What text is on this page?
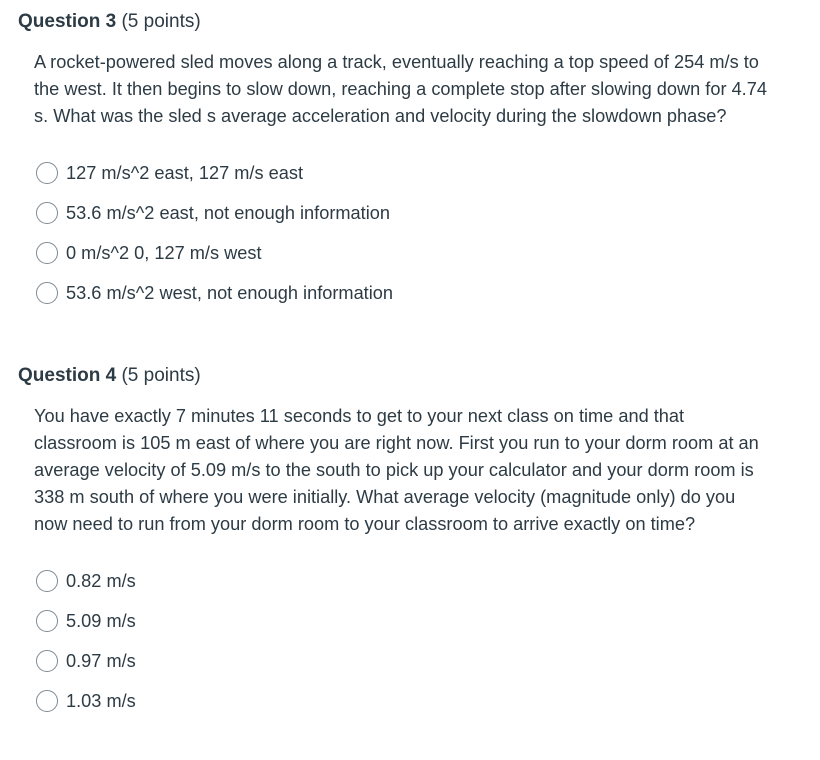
Question 3 (5 points)
A rocket-powered sled moves along a track, eventually reaching a top speed of 254 m/s to the west. It then begins to slow down, reaching a complete stop after slowing down for 4.74 s. What was the sled s average acceleration and velocity during the slowdown phase?
127 m/s^2 east, 127 m/s east
53.6 m/s^2 east, not enough information
0 m/s^2 0, 127 m/s west
53.6 m/s^2 west, not enough information
Question 4 (5 points)
You have exactly 7 minutes 11 seconds to get to your next class on time and that classroom is 105 m east of where you are right now. First you run to your dorm room at an average velocity of 5.09 m/s to the south to pick up your calculator and your dorm room is 338 m south of where you were initially. What average velocity (magnitude only) do you now need to run from your dorm room to your classroom to arrive exactly on time?
0.82 m/s
5.09 m/s
0.97 m/s
1.03 m/s
